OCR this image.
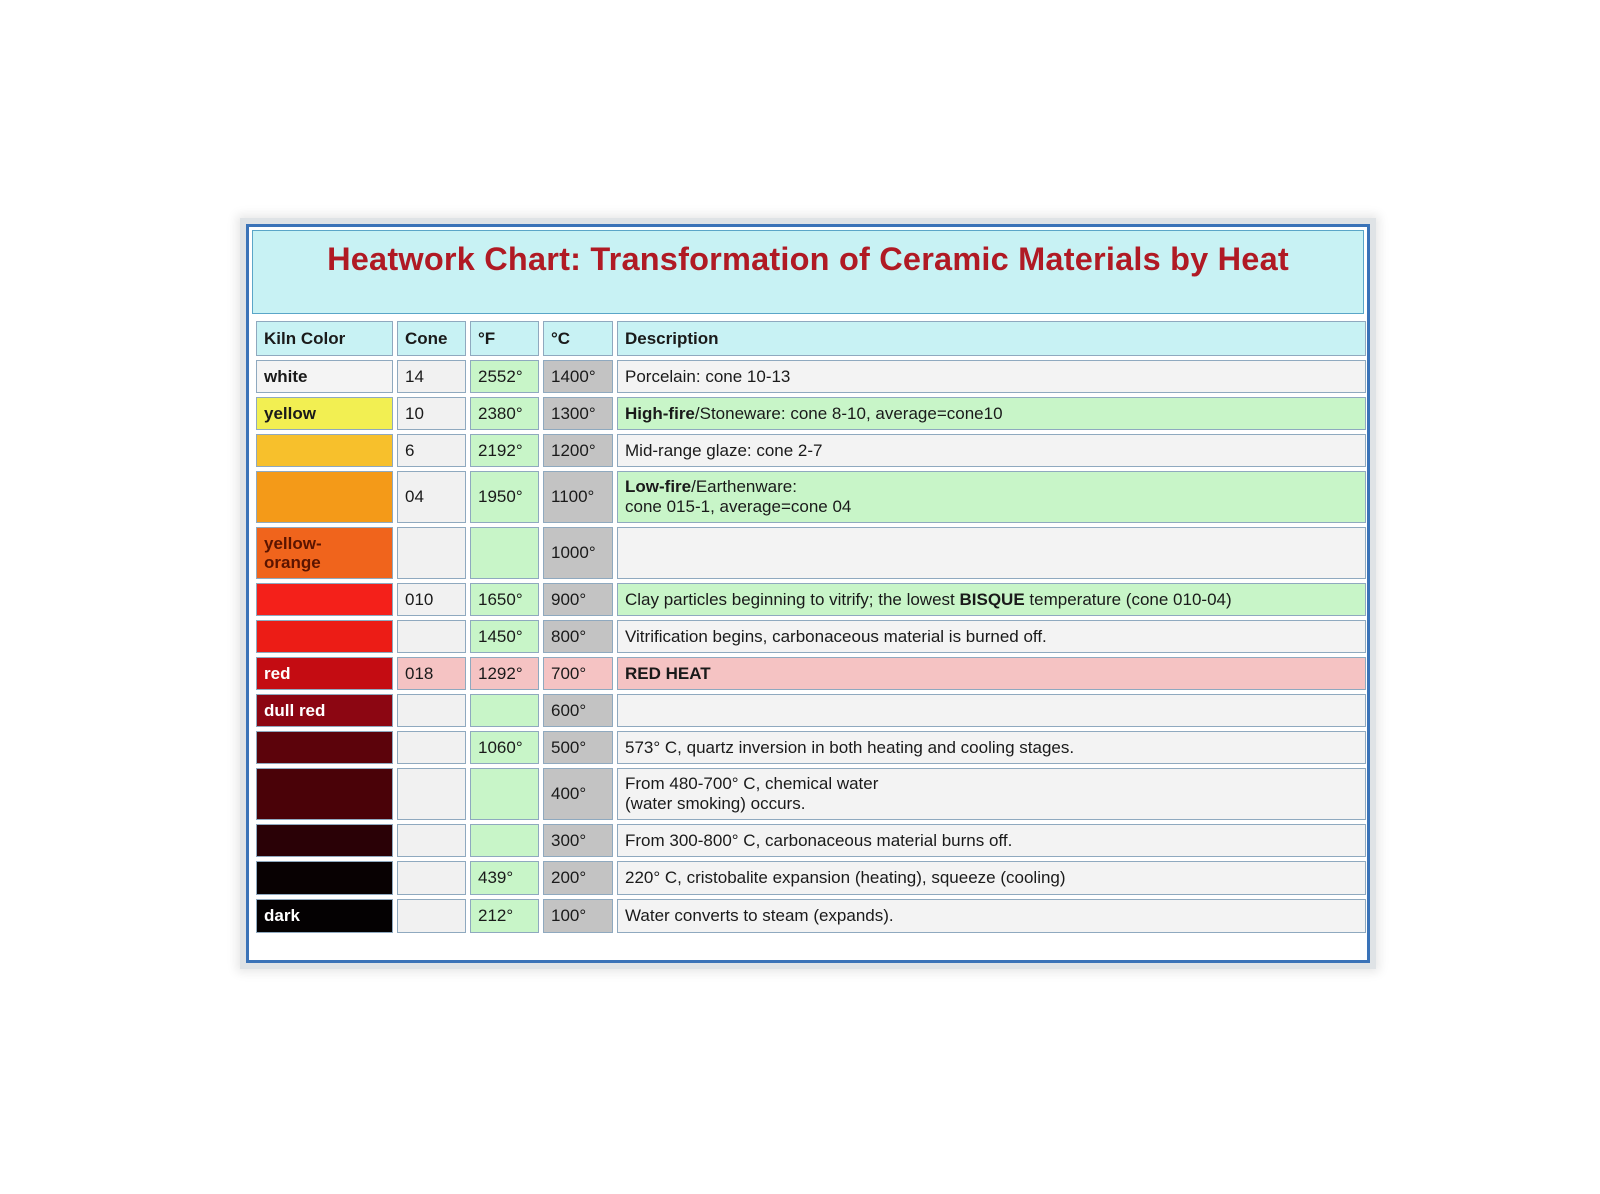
Heatwork Chart: Transformation of Ceramic Materials by Heat
Kiln Color	Cone	°F	°C	Description
white	14	2552°	1400°	Porcelain: cone 10-13
yellow	10	2380°	1300°	High-fire/Stoneware: cone 8-10, average=cone10
	6	2192°	1200°	Mid-range glaze: cone 2-7
	04	1950°	1100°	Low-fire/Earthenware:
cone 015-1, average=cone 04
yellow-
orange			1000°	
	010	1650°	900°	Clay particles beginning to vitrify; the lowest BISQUE temperature (cone 010-04)
		1450°	800°	Vitrification begins, carbonaceous material is burned off.
red	018	1292°	700°	RED HEAT
dull red			600°	
		1060°	500°	573° C, quartz inversion in both heating and cooling stages.
			400°	From 480-700° C, chemical water
(water smoking) occurs.
			300°	From 300-800° C, carbonaceous material burns off.
		439°	200°	220° C, cristobalite expansion (heating), squeeze (cooling)
dark		212°	100°	Water converts to steam (expands).
